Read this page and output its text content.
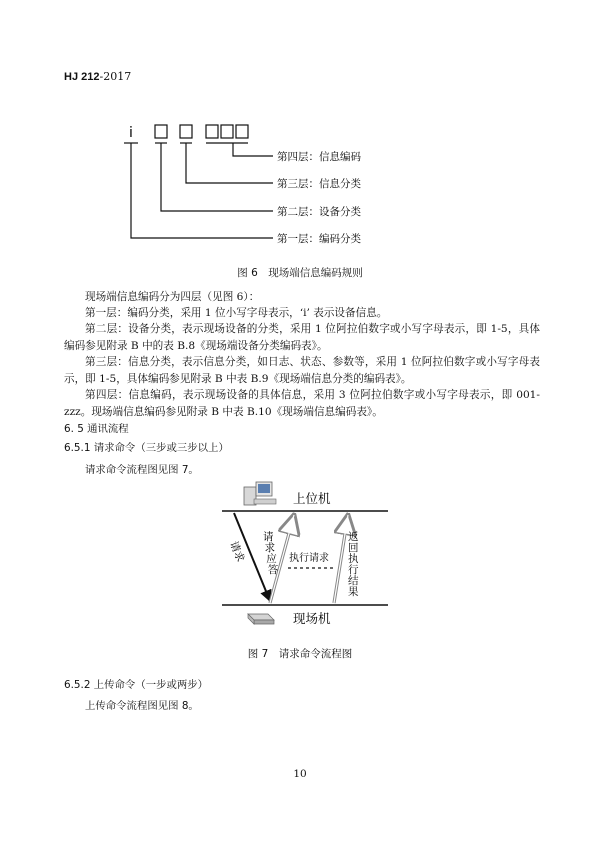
HJ 212-2017
i
第四层：信息编码
第三层：信息分类
第二层：设备分类
第一层：编码分类
图 6　现场端信息编码规则
现场端信息编码分为四层（见图 6）：
第一层：编码分类，采用 1 位小写字母表示，‘i’ 表示设备信息。
第二层：设备分类，表示现场设备的分类，采用 1 位阿拉伯数字或小写字母表示，即 1-5，具体编码参见附录 B 中的表 B.8《现场端设备分类编码表》。
第三层：信息分类，表示信息分类，如日志、状态、参数等，采用 1 位阿拉伯数字或小写字母表示，即 1-5，具体编码参见附录 B 中表 B.9《现场端信息分类的编码表》。
第四层：信息编码，表示现场设备的具体信息，采用 3 位阿拉伯数字或小写字母表示，即 001-zzz。现场端信息编码参见附录 B 中表 B.10《现场端信息编码表》。
6. 5 通讯流程
6.5.1 请求命令（三步或三步以上）
请求命令流程图见图 7。
上位机
执行请求
请求
请求应答
返回执行结果
现场机
图 7　请求命令流程图
6.5.2 上传命令（一步或两步）
上传命令流程图见图 8。
10
